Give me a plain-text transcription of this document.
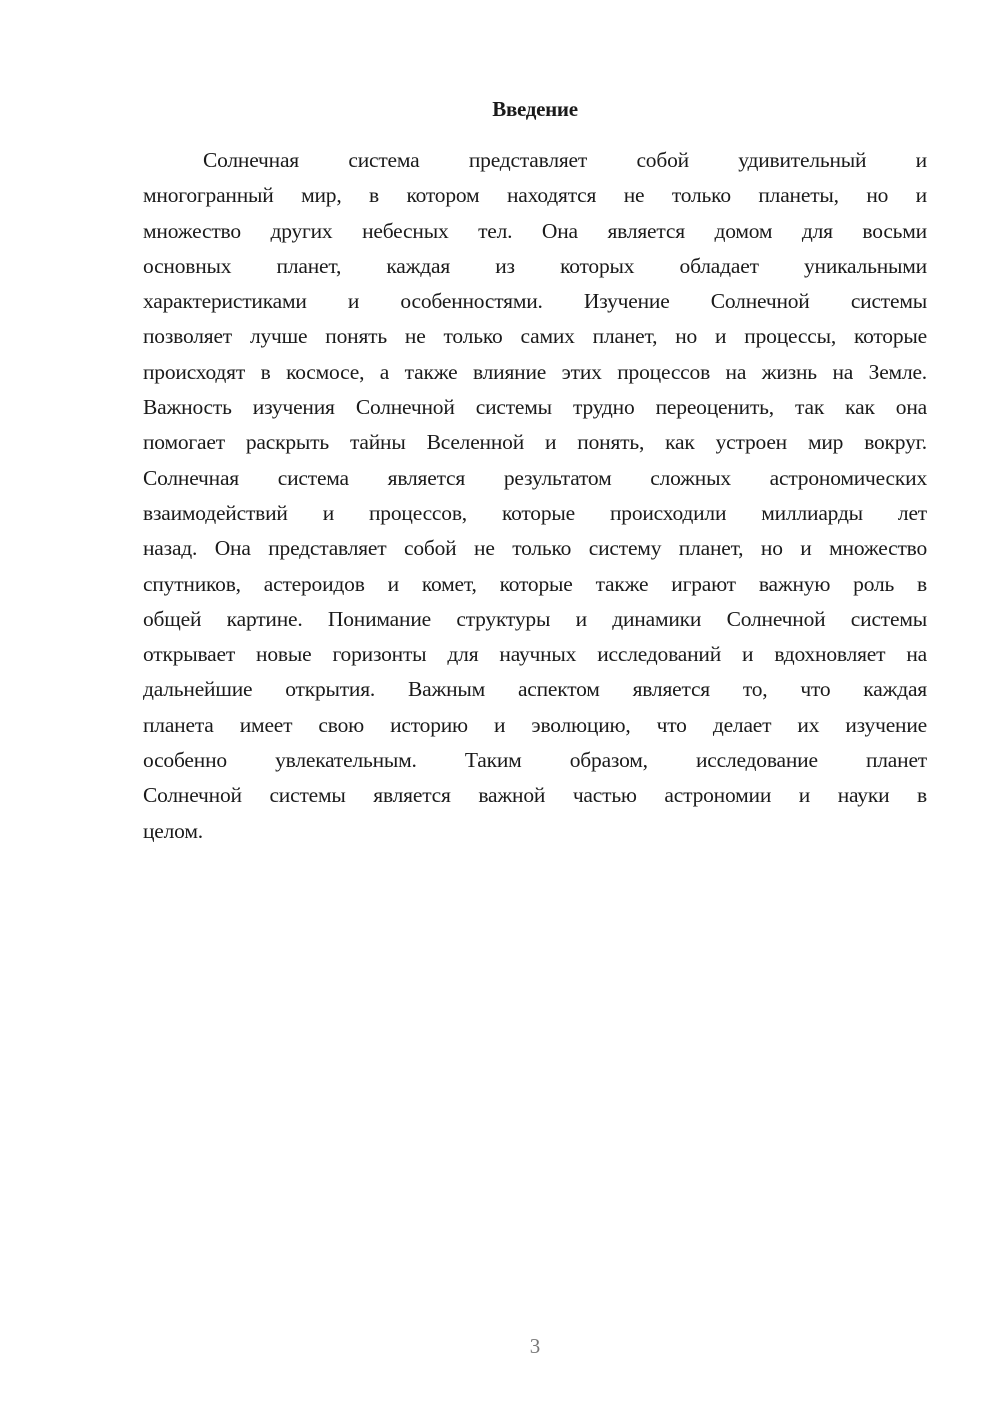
Введение
Солнечная система представляет собой удивительный и
многогранный мир, в котором находятся не только планеты, но и
множество других небесных тел. Она является домом для восьми
основных планет, каждая из которых обладает уникальными
характеристиками и особенностями. Изучение Солнечной системы
позволяет лучше понять не только самих планет, но и процессы, которые
происходят в космосе, а также влияние этих процессов на жизнь на Земле.
Важность изучения Солнечной системы трудно переоценить, так как она
помогает раскрыть тайны Вселенной и понять, как устроен мир вокруг.
Солнечная система является результатом сложных астрономических
взаимодействий и процессов, которые происходили миллиарды лет
назад. Она представляет собой не только систему планет, но и множество
спутников, астероидов и комет, которые также играют важную роль в
общей картине. Понимание структуры и динамики Солнечной системы
открывает новые горизонты для научных исследований и вдохновляет на
дальнейшие открытия. Важным аспектом является то, что каждая
планета имеет свою историю и эволюцию, что делает их изучение
особенно увлекательным. Таким образом, исследование планет
Солнечной системы является важной частью астрономии и науки в
целом.
3
